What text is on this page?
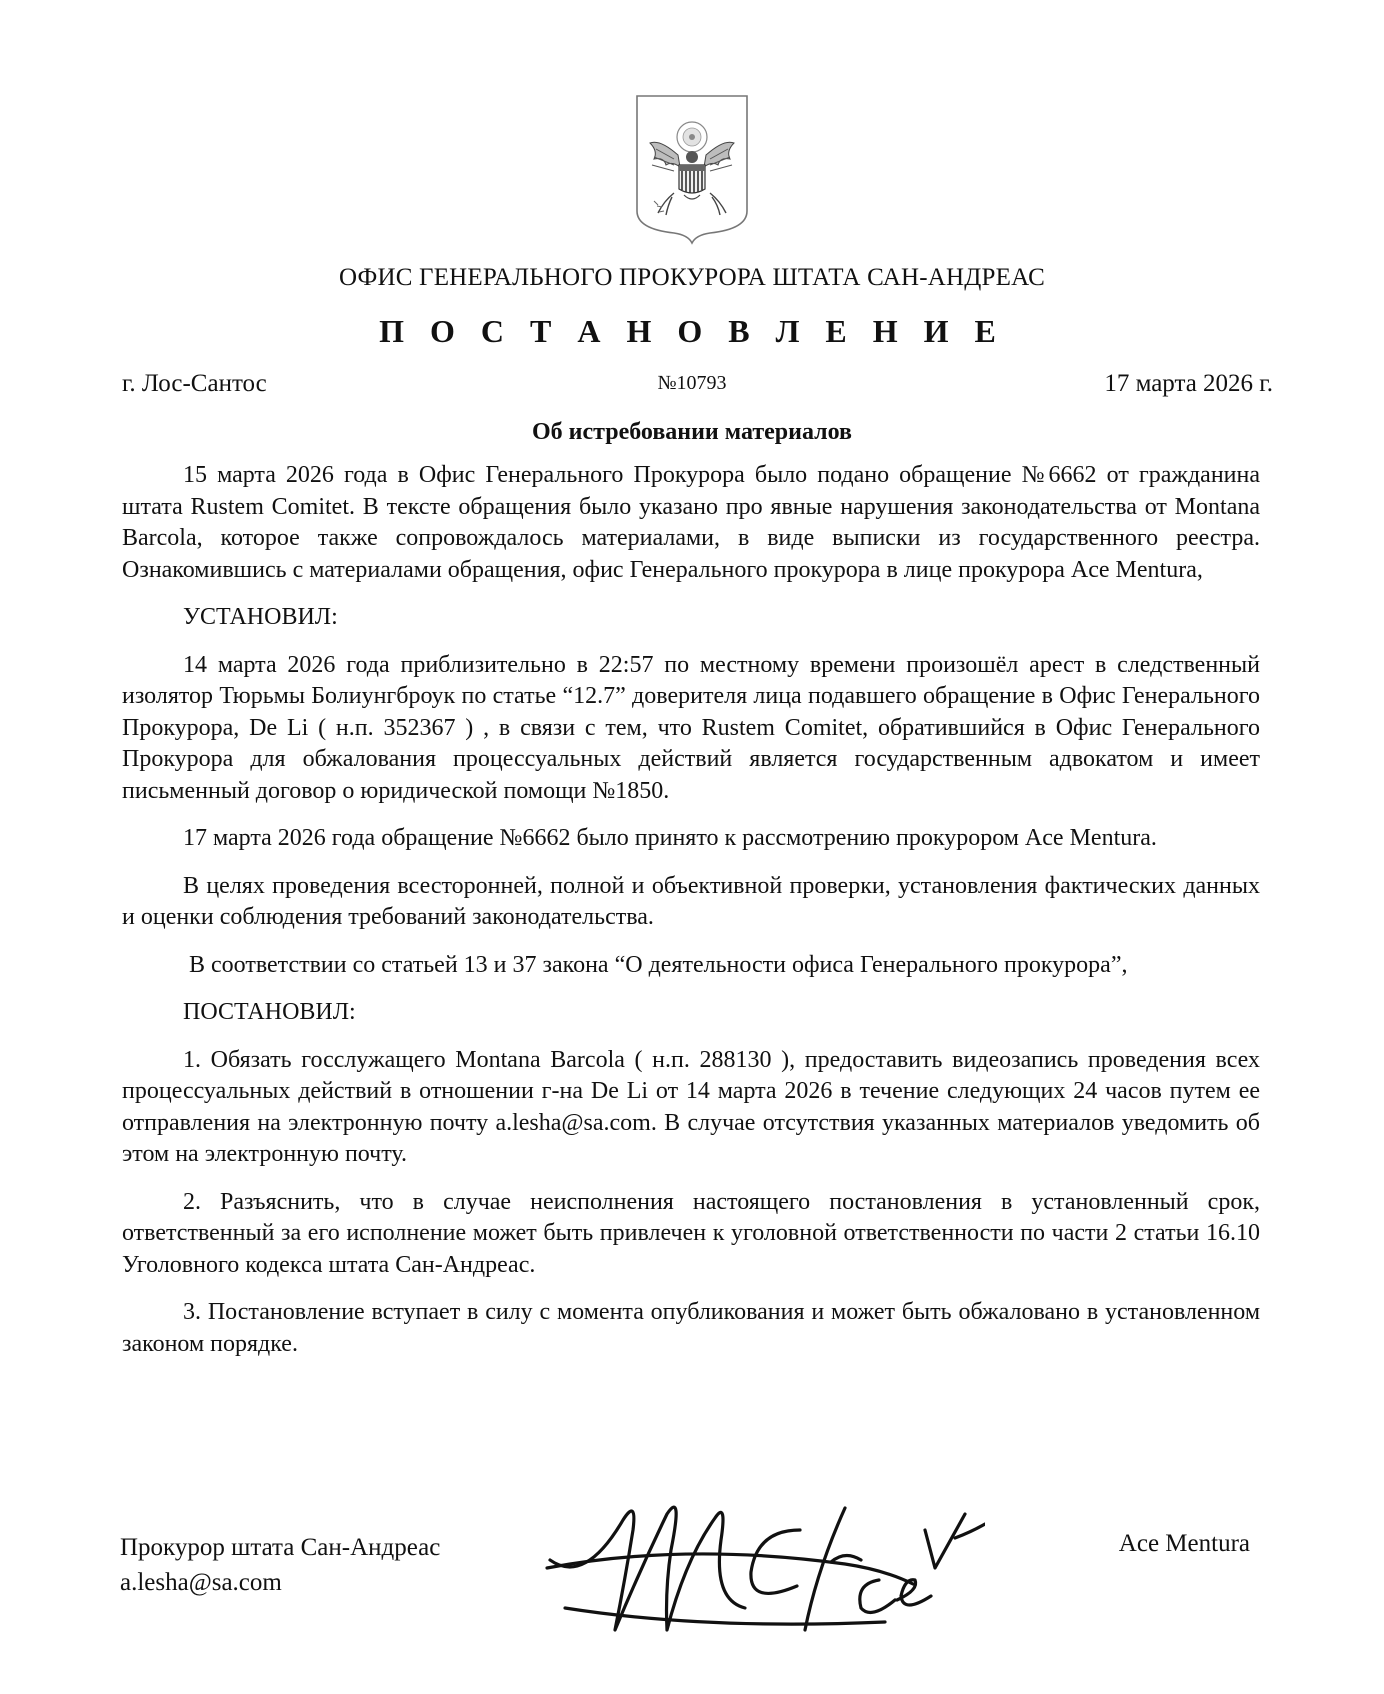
ОФИС ГЕНЕРАЛЬНОГО ПРОКУРОРА ШТАТА САН-АНДРЕАС
П О С Т А Н О В Л Е Н И Е
г. Лос-Сантос	№10793	17 марта 2026 г.
Об истребовании материалов

15 марта 2026 года в Офис Генерального Прокурора было подано обращение №6662 от гражданина штата Rustem Comitet. В тексте обращения было указано про явные нарушения законодательства от Montana Barcola, которое также сопровождалось материалами, в виде выписки из государственного реестра. Ознакомившись с материалами обращения, офис Генерального прокурора в лице прокурора Ace Mentura,

УСТАНОВИЛ:

14 марта 2026 года приблизительно в 22:57 по местному времени произошёл арест в следственный изолятор Тюрьмы Болиунгброук по статье “12.7” доверителя лица подавшего обращение в Офис Генерального Прокурора, De Li ( н.п. 352367 ) , в связи с тем, что Rustem Comitet, обратившийся в Офис Генерального Прокурора для обжалования процессуальных действий является государственным адвокатом и имеет письменный договор о юридической помощи №1850.

17 марта 2026 года обращение №6662 было принято к рассмотрению прокурором Ace Mentura.

В целях проведения всесторонней, полной и объективной проверки, установления фактических данных и оценки соблюдения требований законодательства.

В соответствии со статьей 13 и 37 закона “О деятельности офиса Генерального прокурора”,

ПОСТАНОВИЛ:

1. Обязать госслужащего Montana Barcola ( н.п. 288130 ), предоставить видеозапись проведения всех процессуальных действий в отношении г-на De Li от 14 марта 2026 в течение следующих 24 часов путем ее отправления на электронную почту a.lesha@sa.com. В случае отсутствия указанных материалов уведомить об этом на электронную почту.

2. Разъяснить, что в случае неисполнения настоящего постановления в установленный срок, ответственный за его исполнение может быть привлечен к уголовной ответственности по части 2 статьи 16.10 Уголовного кодекса штата Сан-Андреас.

3. Постановление вступает в силу с момента опубликования и может быть обжаловано в установленном законом порядке.

Прокурор штата Сан-Андреас
a.lesha@sa.com
Ace Mentura
